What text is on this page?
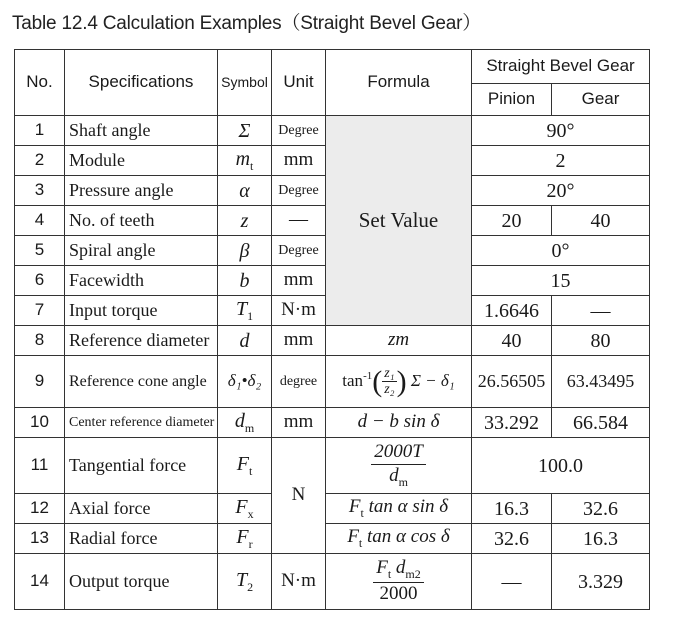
Table 12.4 Calculation Examples（Straight Bevel Gear）
No.	Specifications	Symbol	Unit	Formula	Straight Bevel Gear	
					Pinion	Gear
1	Shaft angle	Σ	Degree	Set Value	90°	
2	Module	$m_t$	mm		2	
3	Pressure angle	α	Degree		20°	
4	No. of teeth	z	—		20	40
5	Spiral angle	β	Degree		0°	
6	Facewidth	b	mm		15	
7	Input torque	$T_1$	N·m		1.6646	—
8	Reference diameter	d	mm	zm	40	80
9	Reference cone angle	δ₁•δ₂	degree	$\tan^{-1}( \frac{\text{z₁}}{\text{z₂}}$ ) Σ − δ₁	26.56505	63.43495
10	Center reference diameter	$d_m$	mm	d − b sin δ	33.292	66.584
11	Tangential force	$F_t$	N	$\frac{2000T}{d_m}$	100.0	
12	Axial force	$F_x$		$F_t$ tan α sin δ	16.3	32.6
13	Radial force	$F_r$		$F_t$ tan α cos δ	32.6	16.3
14	Output torque	$T_2$	N·m	$\frac{F_t d_{m2}}{2000}$	—	3.329
